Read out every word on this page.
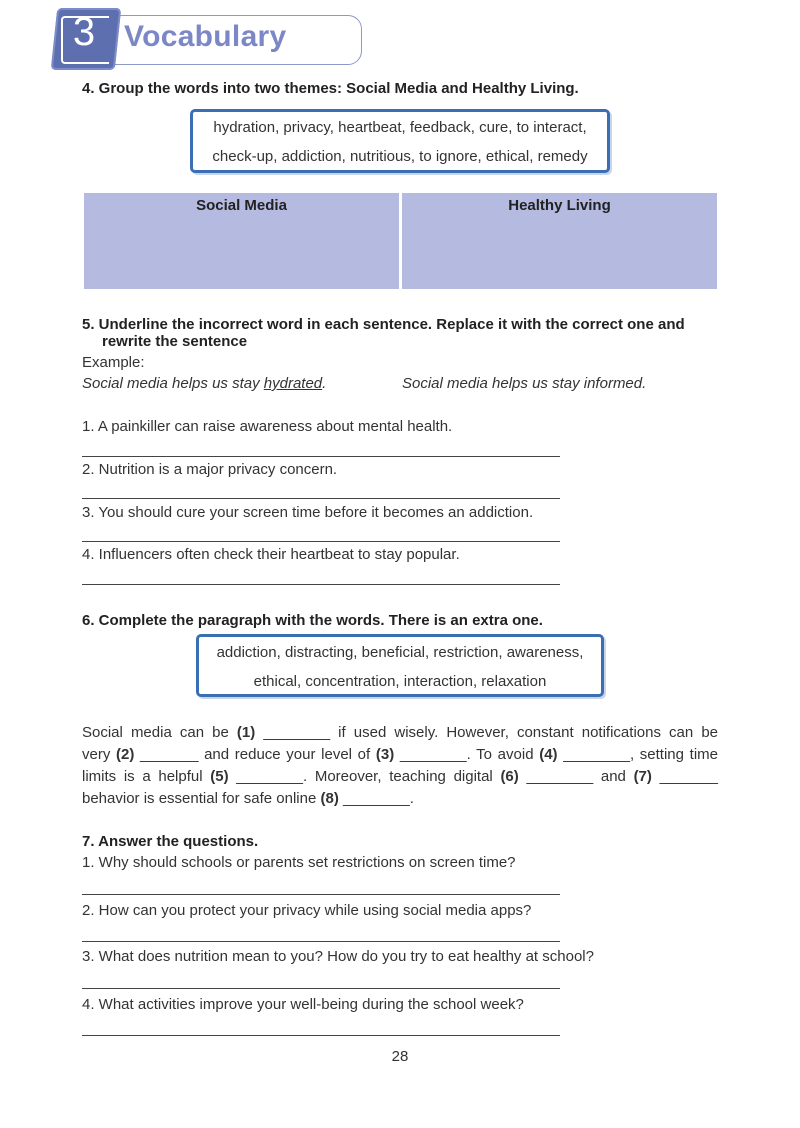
3 Vocabulary
4. Group the words into two themes: Social Media and Healthy Living.
hydration, privacy, heartbeat, feedback, cure, to interact,
check-up, addiction, nutritious, to ignore, ethical, remedy
Social Media	Healthy Living
5. Underline the incorrect word in each sentence. Replace it with the correct one and
rewrite the sentence
Example:
Social media helps us stay hydrated.	Social media helps us stay informed.
1. A painkiller can raise awareness about mental health.
2. Nutrition is a major privacy concern.
3. You should cure your screen time before it becomes an addiction.
4. Influencers often check their heartbeat to stay popular.
6. Complete the paragraph with the words. There is an extra one.
addiction, distracting, beneficial, restriction, awareness,
ethical, concentration, interaction, relaxation
Social media can be (1) ________ if used wisely. However, constant notifications can be
very (2) _______ and reduce your level of (3) ________. To avoid (4) ________, setting time
limits is a helpful (5) ________. Moreover, teaching digital (6) ________ and (7) _______
behavior is essential for safe online (8) ________.
7. Answer the questions.
1. Why should schools or parents set restrictions on screen time?
2. How can you protect your privacy while using social media apps?
3. What does nutrition mean to you? How do you try to eat healthy at school?
4. What activities improve your well-being during the school week?
28
